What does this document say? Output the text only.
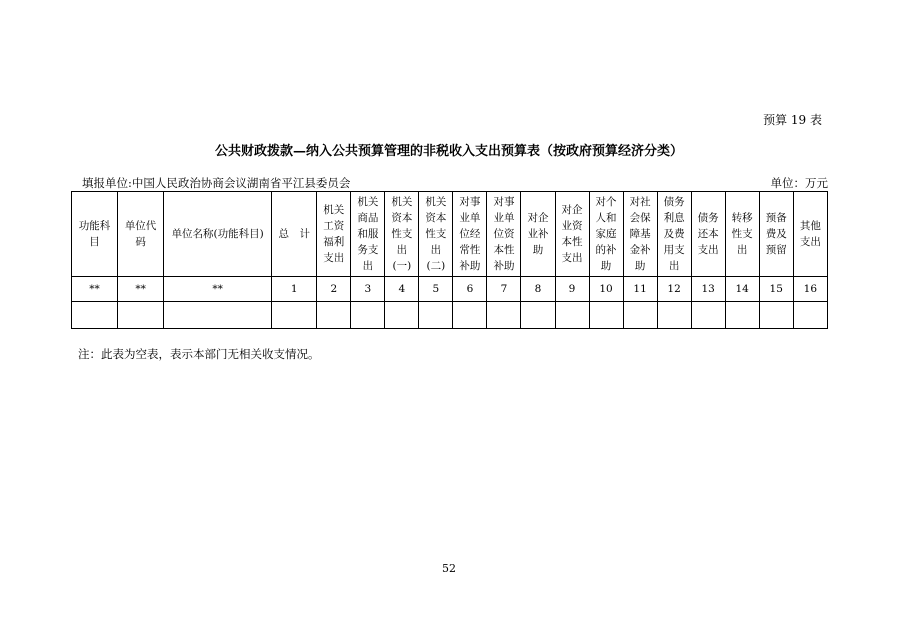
预算 19 表
公共财政拨款—纳入公共预算管理的非税收入支出预算表（按政府预算经济分类）
填报单位:中国人民政治协商会议湖南省平江县委员会	单位：万元
功能科目	单位代码	单位名称(功能科目)	总　计	机关工资福利支出	机关商品和服务支出	机关资本性支出(一)	机关资本性支出(二)	对事业单位经常性补助	对事业单位资本性补助	对企业补助	对企业资本性支出	对个人和家庭的补助	对社会保障基金补助	债务利息及费用支出	债务还本支出	转移性支出	预备费及预留	其他支出
**	**	**	1	2	3	4	5	6	7	8	9	10	11	12	13	14	15	16

注：此表为空表，表示本部门无相关收支情况。
52
